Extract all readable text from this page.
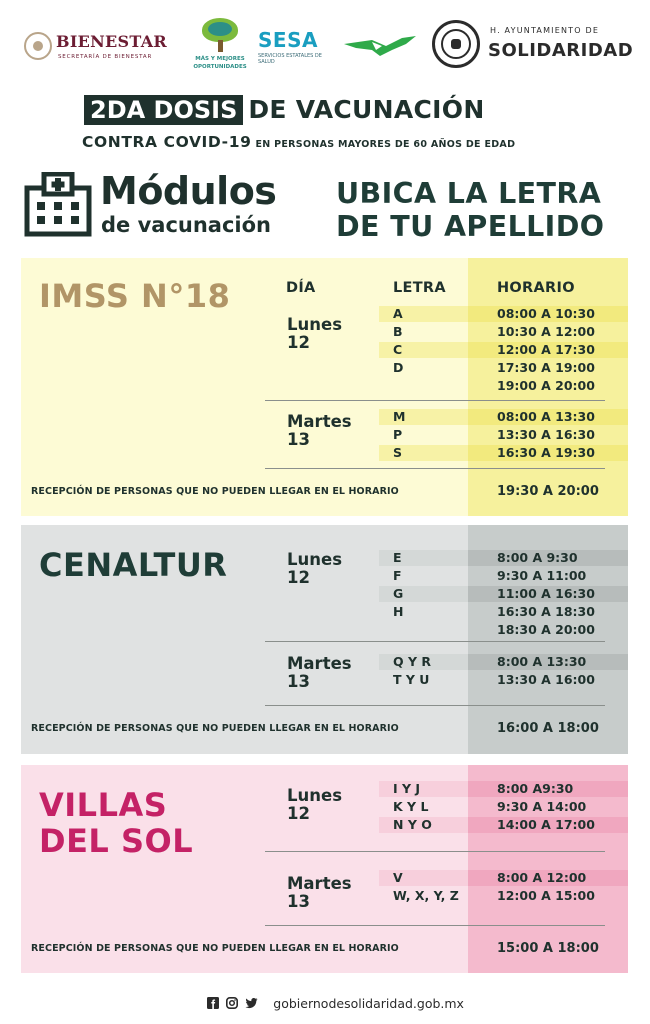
BIENESTAR
SECRETARÍA DE BIENESTAR	MÁS Y MEJORES
OPORTUNIDADES
SESA
SERVICIOS ESTATALES DE SALUD
H. AYUNTAMIENTO DE
SOLIDARIDAD
2DA DOSIS DE VACUNACIÓN
CONTRA COVID-19 EN PERSONAS MAYORES DE 60 AÑOS DE EDAD
Módulos
de vacunación
UBICA LA LETRA
DE TU APELLIDO
IMSS N°18	DÍA	LETRA	HORARIO
Lunes
12
A	08:00 A 10:30
B	10:30 A 12:00
C	12:00 A 17:30
D	17:30 A 19:00
19:00 A 20:00
Martes
13
M	08:00 A 13:30
P	13:30 A 16:30
S	16:30 A 19:30
RECEPCIÓN DE PERSONAS QUE NO PUEDEN LLEGAR EN EL HORARIO	19:30 A 20:00
CENALTUR	Lunes
12
E	8:00 A 9:30
F	9:30 A 11:00
G	11:00 A 16:30
H	16:30 A 18:30
18:30 A 20:00
Martes
13
Q Y R	8:00 A 13:30
T Y U	13:30 A 16:00
RECEPCIÓN DE PERSONAS QUE NO PUEDEN LLEGAR EN EL HORARIO	16:00 A 18:00
VILLAS
DEL SOL
Lunes
12
I Y J	8:00 A9:30
K Y L	9:30 A 14:00
N Y O	14:00 A 17:00
Martes
13
V	8:00 A 12:00
W, X, Y, Z	12:00 A 15:00
RECEPCIÓN DE PERSONAS QUE NO PUEDEN LLEGAR EN EL HORARIO	15:00 A 18:00
gobiernodesolidaridad.gob.mx
